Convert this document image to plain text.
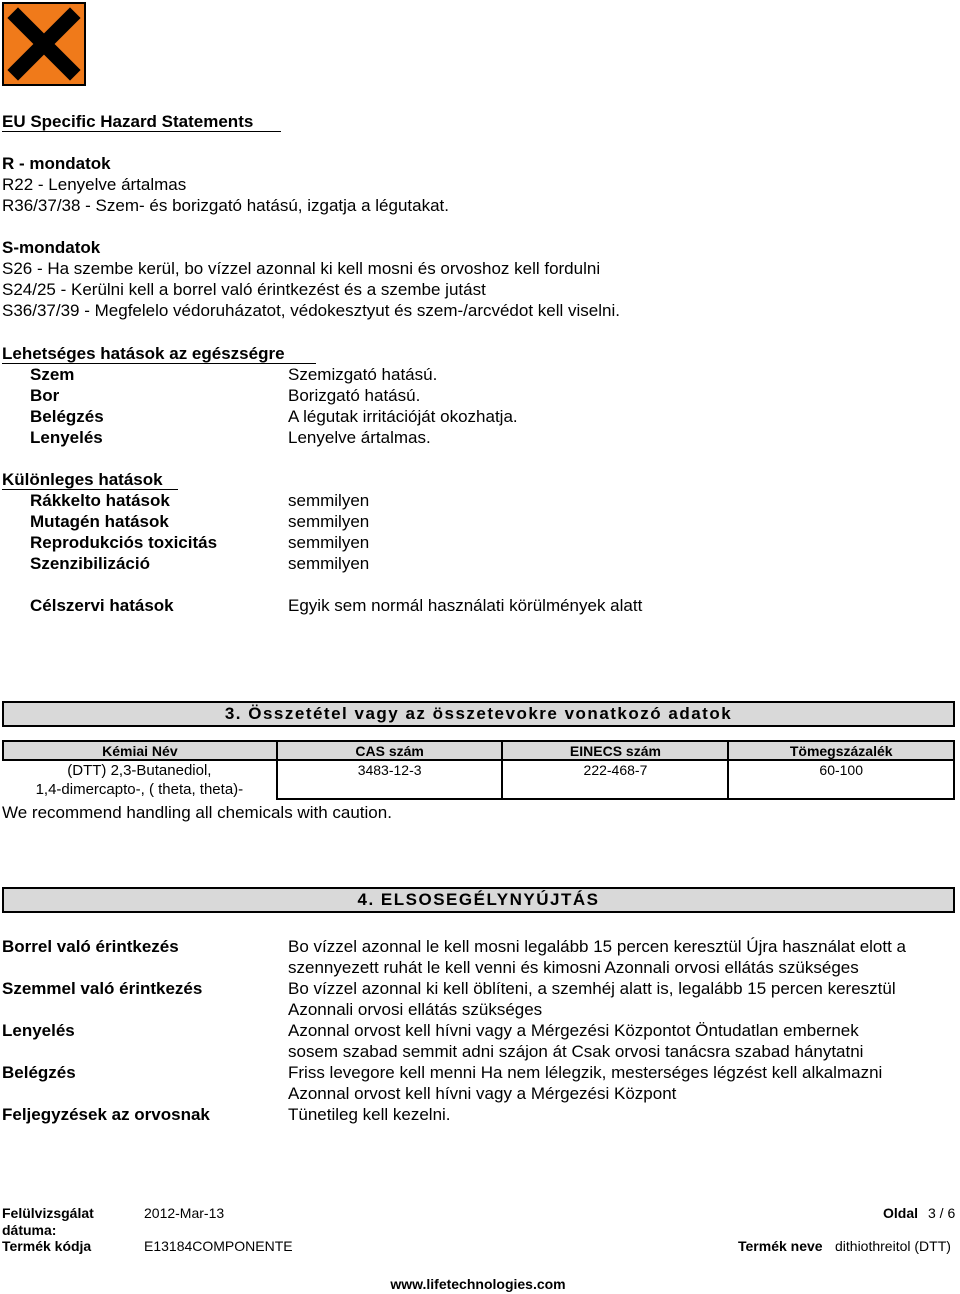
EU Specific Hazard Statements
R - mondatok
R22 - Lenyelve ártalmas
R36/37/38 - Szem- és borizgató hatású, izgatja a légutakat.
S-mondatok
S26 - Ha szembe kerül, bo vízzel azonnal ki kell mosni és orvoshoz kell fordulni
S24/25 - Kerülni kell a borrel való érintkezést és a szembe jutást
S36/37/39 - Megfelelo védoruházatot, védokesztyut és szem-/arcvédot kell viselni.
Lehetséges hatások az egészségre
Szem	Szemizgató hatású.
Bor	Borizgató hatású.
Belégzés	A légutak irritációját okozhatja.
Lenyelés	Lenyelve ártalmas.
Különleges hatások
Rákkelto hatások	semmilyen
Mutagén hatások	semmilyen
Reprodukciós toxicitás	semmilyen
Szenzibilizáció	semmilyen
Célszervi hatások	Egyik sem normál használati körülmények alatt
3. Összetétel vagy az összetevokre vonatkozó adatok
Kémiai Név	CAS szám	EINECS szám	Tömegszázalék

(DTT) 2,3-Butanediol,
1,4-dimercapto-, ( theta, theta)-	3483-12-3	222-468-7	60-100
We recommend handling all chemicals with caution.
4. ELSOSEGÉLYNYÚJTÁS
Borrel való érintkezés	Bo vízzel azonnal le kell mosni legalább 15 percen keresztül Újra használat elott a
szennyezett ruhát le kell venni és kimosni Azonnali orvosi ellátás szükséges
Szemmel való érintkezés	Bo vízzel azonnal ki kell öblíteni, a szemhéj alatt is, legalább 15 percen keresztül
Azonnali orvosi ellátás szükséges
Lenyelés	Azonnal orvost kell hívni vagy a Mérgezési Központot Öntudatlan embernek
sosem szabad semmit adni szájon át Csak orvosi tanácsra szabad hánytatni
Belégzés	Friss levegore kell menni Ha nem lélegzik, mesterséges légzést kell alkalmazni
Azonnal orvost kell hívni vagy a Mérgezési Központ
Feljegyzések az orvosnak	Tünetileg kell kezelni.
Felülvizsgálat
dátuma:
2012-Mar-13	Oldal 3 / 6
Termék kódja	E13184COMPONENTE	Termék neve dithiothreitol (DTT)
www.lifetechnologies.com
